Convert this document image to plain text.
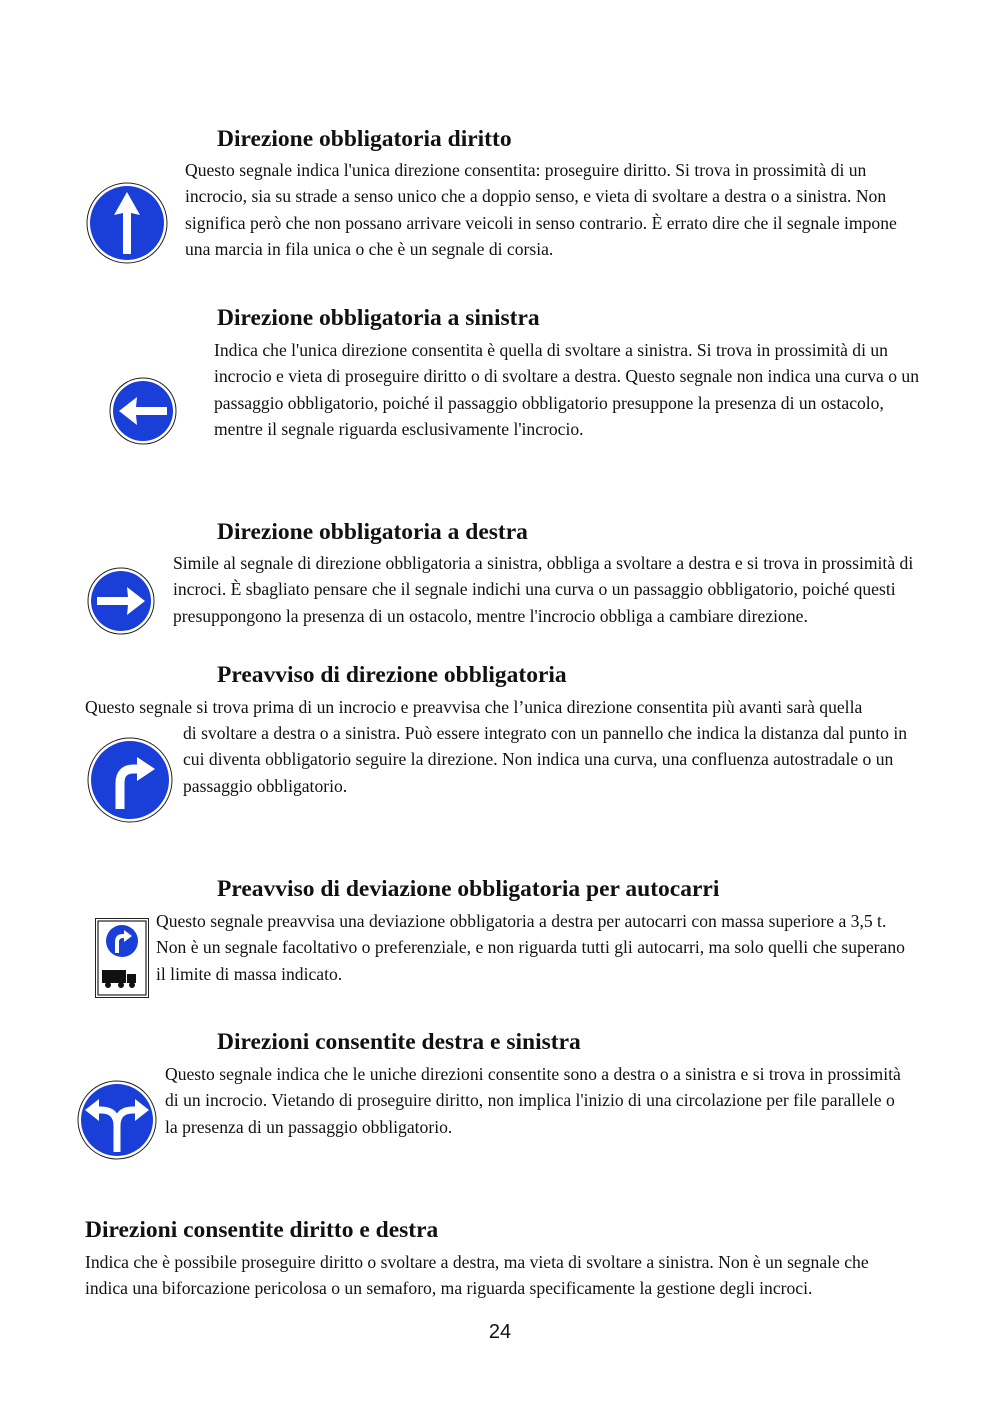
Direzione obbligatoria diritto

Questo segnale indica l'unica direzione consentita: proseguire diritto. Si trova in prossimità di un incrocio, sia su strade a senso unico che a doppio senso, e vieta di svoltare a destra o a sinistra. Non significa però che non possano arrivare veicoli in senso contrario. È errato dire che il segnale impone una marcia in fila unica o che è un segnale di corsia.

Direzione obbligatoria a sinistra

Indica che l'unica direzione consentita è quella di svoltare a sinistra. Si trova in prossimità di un incrocio e vieta di proseguire diritto o di svoltare a destra. Questo segnale non indica una curva o un passaggio obbligatorio, poiché il passaggio obbligatorio presuppone la presenza di un ostacolo, mentre il segnale riguarda esclusivamente l'incrocio.

Direzione obbligatoria a destra

Simile al segnale di direzione obbligatoria a sinistra, obbliga a svoltare a destra e si trova in prossimità di incroci. È sbagliato pensare che il segnale indichi una curva o un passaggio obbligatorio, poiché questi presuppongono la presenza di un ostacolo, mentre l'incrocio obbliga a cambiare direzione.

Preavviso di direzione obbligatoria

Questo segnale si trova prima di un incrocio e preavvisa che l’unica direzione consentita più avanti sarà quella

di svoltare a destra o a sinistra. Può essere integrato con un pannello che indica la distanza dal punto in cui diventa obbligatorio seguire la direzione. Non indica una curva, una confluenza autostradale o un passaggio obbligatorio.

Preavviso di deviazione obbligatoria per autocarri

Questo segnale preavvisa una deviazione obbligatoria a destra per autocarri con massa superiore a 3,5 t. Non è un segnale facoltativo o preferenziale, e non riguarda tutti gli autocarri, ma solo quelli che superano il limite di massa indicato.

Direzioni consentite destra e sinistra

Questo segnale indica che le uniche direzioni consentite sono a destra o a sinistra e si trova in prossimità di un incrocio. Vietando di proseguire diritto, non implica l'inizio di una circolazione per file parallele o la presenza di un passaggio obbligatorio.

Direzioni consentite diritto e destra

Indica che è possibile proseguire diritto o svoltare a destra, ma vieta di svoltare a sinistra. Non è un segnale che indica una biforcazione pericolosa o un semaforo, ma riguarda specificamente la gestione degli incroci.

24
